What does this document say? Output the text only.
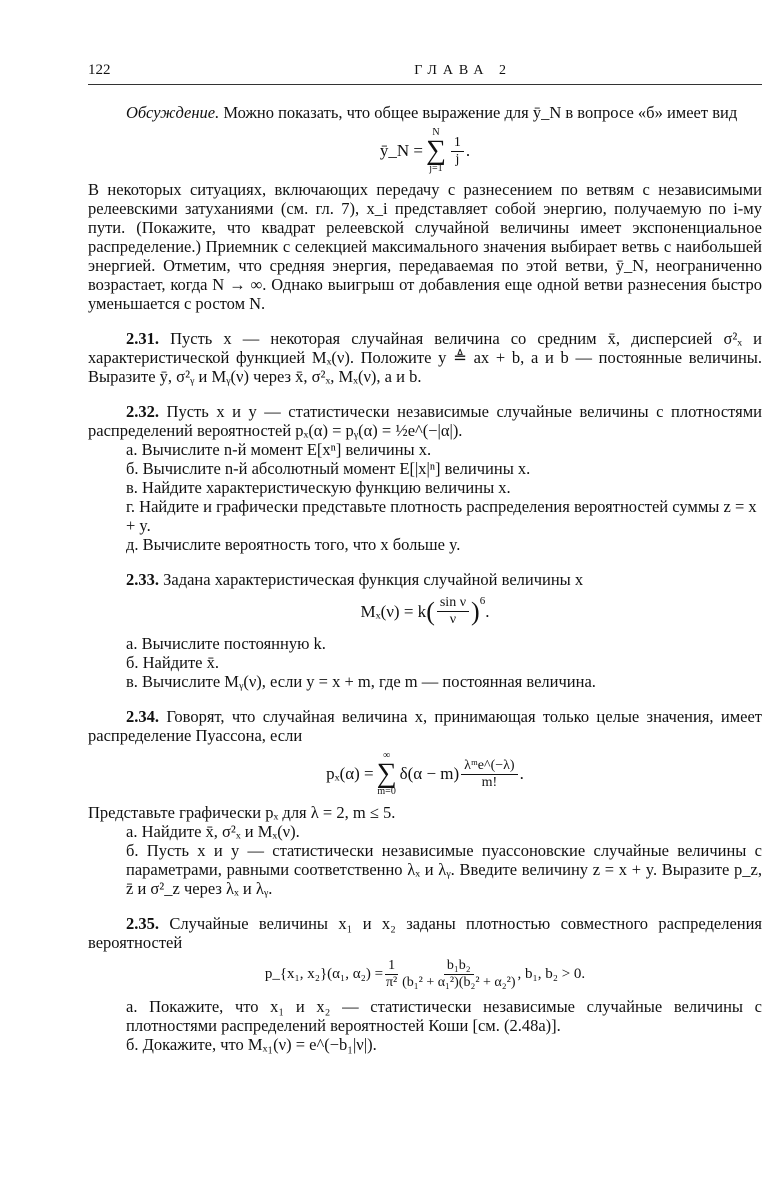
122	ГЛАВА 2

Обсуждение. Можно показать, что общее выражение для ȳ_N в вопросе «б» имеет вид

ȳ_N =
N
∑
j=1
$\frac{1}{j}$ .

В некоторых ситуациях, включающих передачу с разнесением по ветвям с независимыми релеевскими затуханиями (см. гл. 7), x_i представляет собой энергию, получаемую по i-му пути. (Покажите, что квадрат релеевской случайной величины имеет экспоненциальное распределение.) Приемник с селекцией максимального значения выбирает ветвь с наибольшей энергией. Отметим, что средняя энергия, передаваемая по этой ветви, ȳ_N, неограниченно возрастает, когда N → ∞. Однако выигрыш от добавления еще одной ветви разнесения быстро уменьшается с ростом N.

2.31. Пусть x — некоторая случайная величина со средним x̄, дисперсией σ²ₓ и характеристической функцией Mₓ(ν). Положите y ≜ ax + b, a и b — постоянные величины. Выразите ȳ, σ²ᵧ и Mᵧ(ν) через x̄, σ²ₓ, Mₓ(ν), a и b.

2.32. Пусть x и y — статистически независимые случайные величины с плотностями распределений вероятностей pₓ(α) = pᵧ(α) = ½e^(−|α|).

а. Вычислите n-й момент E[xⁿ] величины x.
б. Вычислите n-й абсолютный момент E[|x|ⁿ] величины x.
в. Найдите характеристическую функцию величины x.
г. Найдите и графически представьте плотность распределения вероятностей суммы z = x + y.
д. Вычислите вероятность того, что x больше y.

2.33. Задана характеристическая функция случайной величины x

Mₓ(ν) = k ( $\frac{\text{sin ν}}{\nu} )^6$
.
а. Вычислите постоянную k.
б. Найдите x̄.
в. Вычислите Mᵧ(ν), если y = x + m, где m — постоянная величина.

2.34. Говорят, что случайная величина x, принимающая только целые значения, имеет распределение Пуассона, если

pₓ(α) =
∞
∑
m=0
$\delta(\alpha - m) \frac{\text{λᵐe\textasciicircum{}(−λ)}}{m!}$ .

Представьте графически pₓ для λ = 2, m ≤ 5.

а. Найдите x̄, σ²ₓ и Mₓ(ν).
б. Пусть x и y — статистически независимые пуассоновские случайные величины с параметрами, равными соответственно λₓ и λᵧ. Введите величину z = x + y. Выразите p_z, z̄ и σ²_z через λₓ и λᵧ.

2.35. Случайные величины x₁ и x₂ заданы плотностью совместного распределения вероятностей

p_{x₁, x₂}(α₁, $\alpha_2) = \frac{1}{\text{π²}} \frac{\text{b₁b₂}}{\text{(b₁² + α₁²)(b₂² + α₂²)}}$ , b₁, b₂ > 0.
а. Покажите, что x₁ и x₂ — статистически независимые случайные величины с плотностями распределений вероятностей Коши [см. (2.48а)].
б. Докажите, что Mₓ₁(ν) = e^(−b₁|ν|).
